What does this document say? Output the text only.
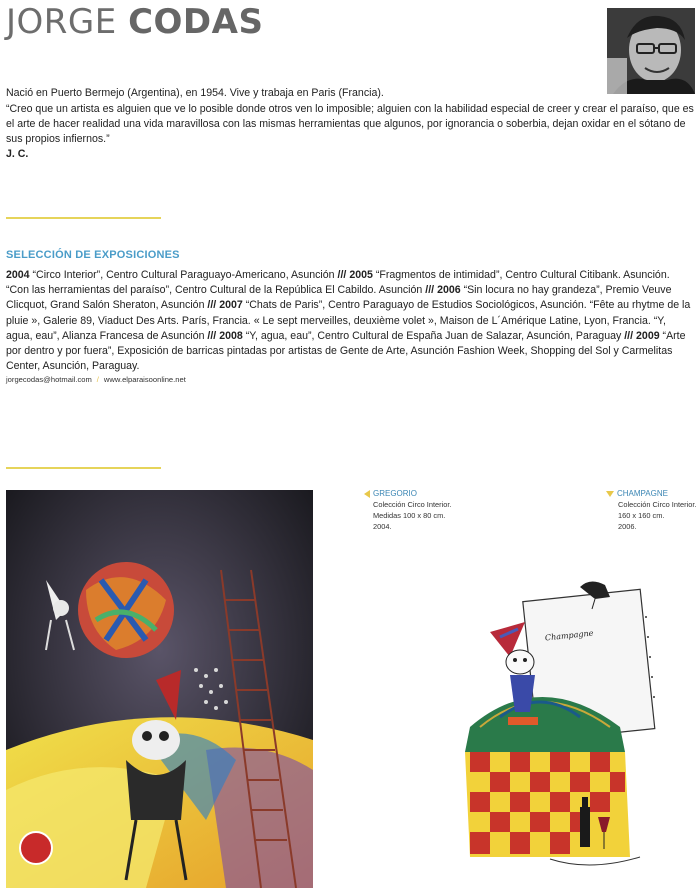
JORGE CODAS
Nació en Puerto Bermejo (Argentina), en 1954. Vive y trabaja en Paris (Francia).
“Creo que un artista es alguien que ve lo posible donde otros ven lo imposible; alguien con la habilidad especial de creer y crear el paraíso, que es el arte de hacer realidad una vida maravillosa con las mismas herramientas que algunos, por ignorancia o soberbia, dejan oxidar en el sótano de sus propios infiernos.”
J. C.
SELECCIÓN DE EXPOSICIONES
2004 “Circo Interior”, Centro Cultural Paraguayo-Americano, Asunción /// 2005 “Fragmentos de intimidad”, Centro Cultural Citibank. Asunción. “Con las herramientas del paraíso”, Centro Cultural de la República El Cabildo. Asunción /// 2006 “Sin locura no hay grandeza”, Premio Veuve Clicquot, Grand Salón Sheraton, Asunción /// 2007 “Chats de Paris”, Centro Paraguayo de Estudios Sociológicos, Asunción. “Fête au rhytme de la pluie », Galerie 89, Viaduct Des Arts. París, Francia. « Le sept merveilles, deuxième volet », Maison de L´Amérique Latine, Lyon, Francia. “Y, agua, eau”, Alianza Francesa de Asunción /// 2008 “Y, agua, eau”, Centro Cultural de España Juan de Salazar, Asunción, Paraguay /// 2009 “Arte por dentro y por fuera”, Exposición de barricas pintadas por artistas de Gente de Arte, Asunción Fashion Week, Shopping del Sol y Carmelitas Center, Asunción, Paraguay.
jorgecodas@hotmail.com / www.elparaisoonline.net
GREGORIO
Colección Circo Interior.
Medidas 100 x 80 cm.
2004.
CHAMPAGNE
Colección Circo Interior.
160 x 160 cm.
2006.
Champagne
